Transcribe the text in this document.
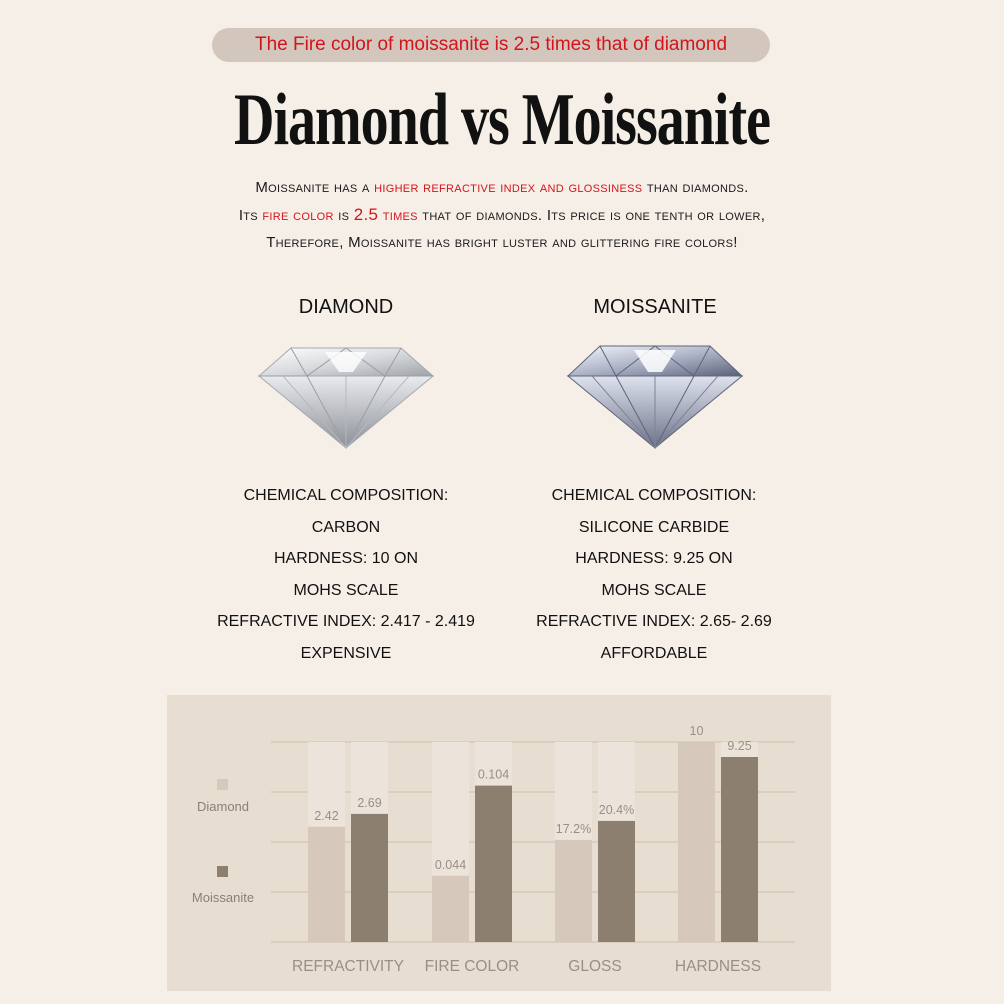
The Fire color of moissanite is 2.5 times that of diamond
Diamond vs Moissanite
Moissanite has a higher refractive index and glossiness than diamonds.
Its fire color is 2.5 times that of diamonds. Its price is one tenth or lower,
Therefore, Moissanite has bright luster and glittering fire colors!
DIAMOND	MOISSANITE
CHEMICAL COMPOSITION:
CARBON
HARDNESS: 10 ON
MOHS SCALE
REFRACTIVE INDEX: 2.417 - 2.419
EXPENSIVE
CHEMICAL COMPOSITION:
SILICONE CARBIDE
HARDNESS: 9.25 ON
MOHS SCALE
REFRACTIVE INDEX: 2.65- 2.69
AFFORDABLE
Diamond
Moissanite
2.42
2.69
REFRACTIVITY
0.044
0.104
FIRE COLOR
17.2%
20.4%
GLOSS
10
9.25
HARDNESS
